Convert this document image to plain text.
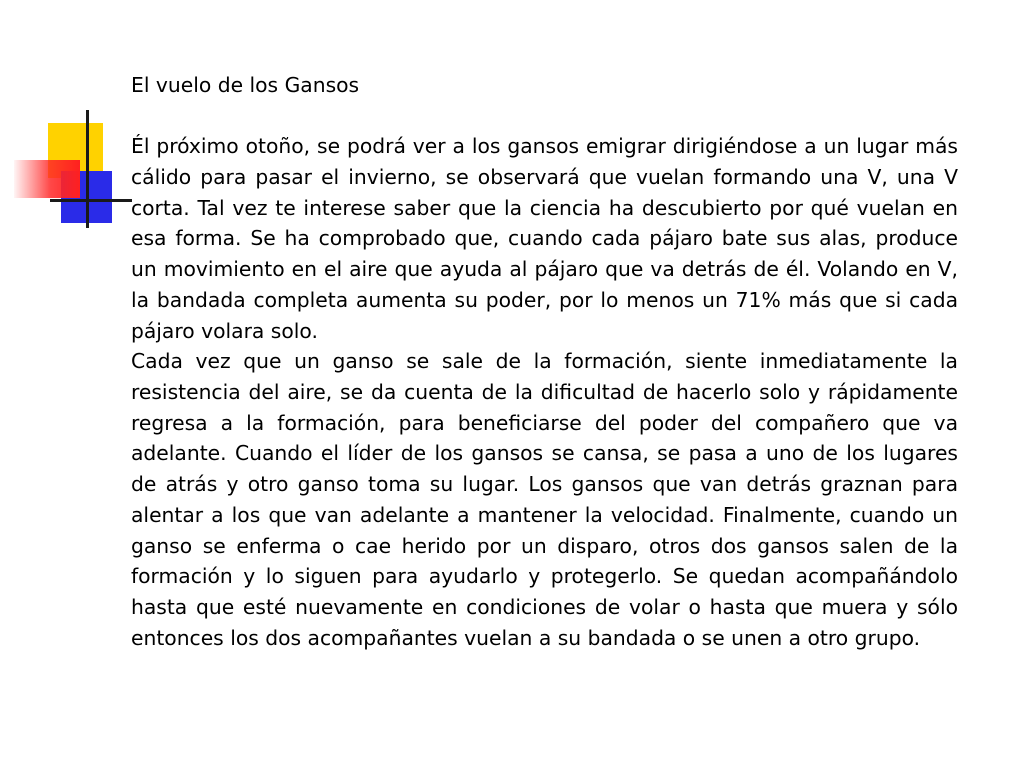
El vuelo de los Gansos

Él próximo otoño, se podrá ver a los gansos emigrar dirigiéndose a un lugar más cálido para pasar el invierno, se observará que vuelan formando una V, una V corta. Tal vez te interese saber que la ciencia ha descubierto por qué vuelan en esa forma. Se ha comprobado que, cuando cada pájaro bate sus alas, produce un movimiento en el aire que ayuda al pájaro que va detrás de él. Volando en V, la bandada completa aumenta su poder, por lo menos un 71% más que si cada pájaro volara solo.

Cada vez que un ganso se sale de la formación, siente inmediatamente la resistencia del aire, se da cuenta de la dificultad de hacerlo solo y rápidamente regresa a la formación, para beneficiarse del poder del compañero que va adelante. Cuando el líder de los gansos se cansa, se pasa a uno de los lugares de atrás y otro ganso toma su lugar. Los gansos que van detrás graznan para alentar a los que van adelante a mantener la velocidad. Finalmente, cuando un ganso se enferma o cae herido por un disparo, otros dos gansos salen de la formación y lo siguen para ayudarlo y protegerlo. Se quedan acompañándolo hasta que esté nuevamente en condiciones de volar o hasta que muera y sólo entonces los dos acompañantes vuelan a su bandada o se unen a otro grupo.
